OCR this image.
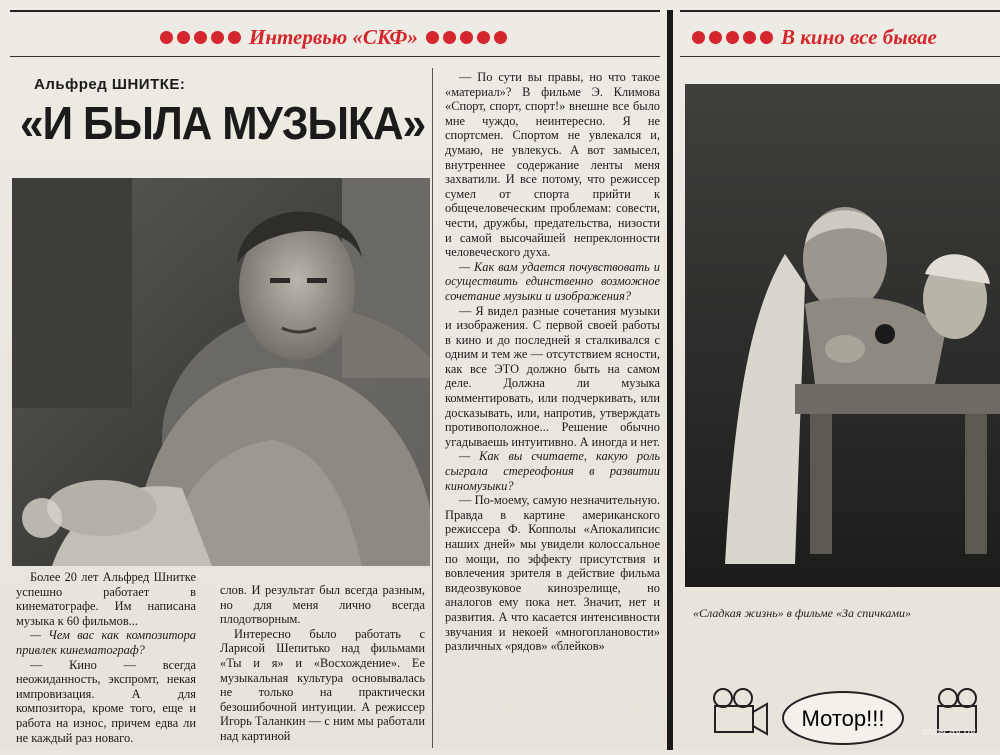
Интервью «СКФ»	В кино все бывае
Альфред ШНИТКЕ:
«И БЫЛА МУЗЫКА»

Более 20 лет Альфред Шнитке успешно работает в кинематографе. Им написана музыка к 60 фильмов...

— Чем вас как композитора привлек кинематограф?

— Кино — всегда неожиданность, экспромт, некая импровизация. А для композитора, кроме того, еще и работа на износ, причем едва ли не каждый раз новаго.

слов. И результат был всегда разным, но для меня лично всегда плодотворным.

Интересно было работать с Ларисой Шепитько над фильмами «Ты и я» и «Восхождение». Ее музыкальная культура основывалась не только на практически безошибочной интуиции. А режиссер Игорь Таланкин — с ним мы работали над картиной

— По сути вы правы, но что такое «материал»? В фильме Э. Климова «Спорт, спорт, спорт!» внешне все было мне чуждо, неинтересно. Я не спортсмен. Спортом не увлекался и, думаю, не увлекусь. А вот замысел, внутреннее содержание ленты меня захватили. И все потому, что режиссер сумел от спорта прийти к общечеловеческим проблемам: совести, чести, дружбы, предательства, низости и самой высочайшей непреклонности человеческого духа.

— Как вам удается почувствовать и осуществить единственно возможное сочетание музыки и изображения?

— Я видел разные сочетания музыки и изображения. С первой своей работы в кино и до последней я сталкивался с одним и тем же — отсутствием ясности, как все ЭТО должно быть на самом деле. Должна ли музыка комментировать, или подчеркивать, или досказывать, или, напротив, утверждать противоположное... Решение обычно угадываешь интуитивно. А иногда и нет.

— Как вы считаете, какую роль сыграла стереофония в развитии киномузыки?

— По-моему, самую незначительную. Правда в картине американского режиссера Ф. Копполы «Апокалипсис наших дней» мы увидели колоссальное по мощи, по эффекту присутствия и вовлечения зрителя в действие фильма видеозвуковое кинозрелище, но аналогов ему пока нет. Значит, нет и развития. А что касается интенсивности звучания и некоей «многоплановости» различных «рядов» «блейков»

«Сладкая жизнь» в фильме «За спичками»
Мотор!!!
www.ay.by
